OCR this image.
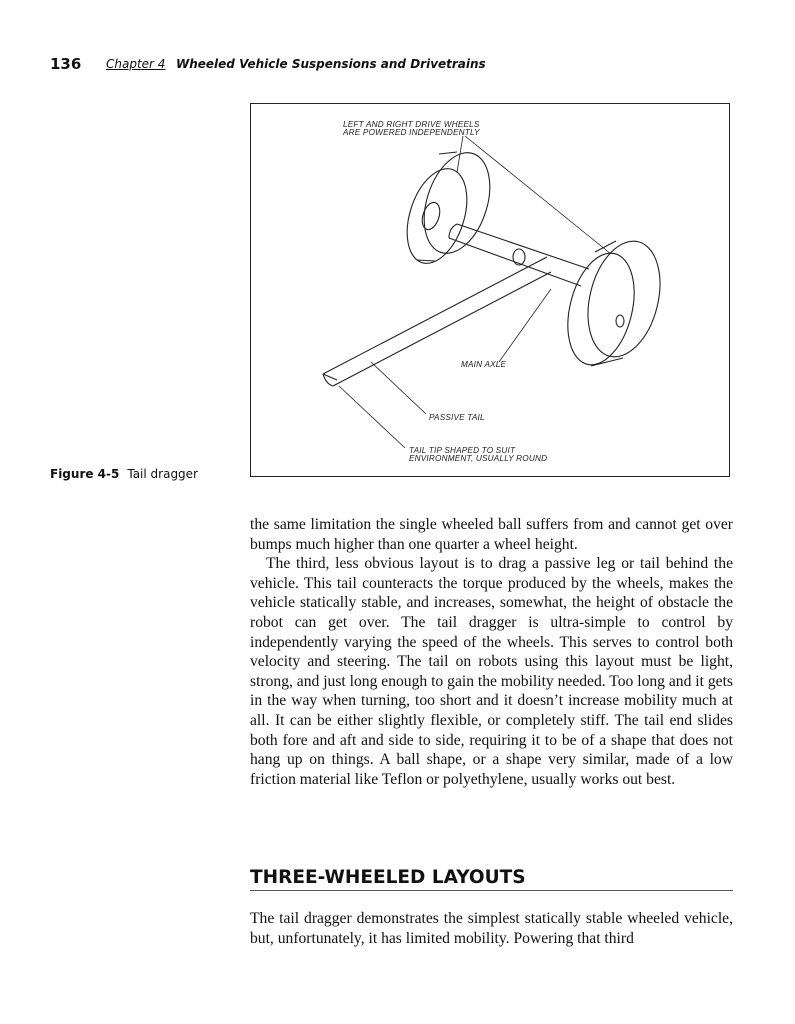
136 Chapter 4 Wheeled Vehicle Suspensions and Drivetrains
LEFT AND RIGHT DRIVE WHEELS
ARE POWERED INDEPENDENTLY
MAIN AXLE
PASSIVE TAIL
TAIL TIP SHAPED TO SUIT
ENVIRONMENT, USUALLY ROUND
Figure 4-5 Tail dragger

the same limitation the single wheeled ball suffers from and cannot get over bumps much higher than one quarter a wheel height.

The third, less obvious layout is to drag a passive leg or tail behind the vehicle. This tail counteracts the torque produced by the wheels, makes the vehicle statically stable, and increases, somewhat, the height of obstacle the robot can get over. The tail dragger is ultra-simple to control by independently varying the speed of the wheels. This serves to control both velocity and steering. The tail on robots using this layout must be light, strong, and just long enough to gain the mobility needed. Too long and it gets in the way when turning, too short and it doesn’t increase mobility much at all. It can be either slightly flexible, or completely stiff. The tail end slides both fore and aft and side to side, requiring it to be of a shape that does not hang up on things. A ball shape, or a shape very similar, made of a low friction material like Teflon or polyethylene, usually works out best.

THREE-WHEELED LAYOUTS

The tail dragger demonstrates the simplest statically stable wheeled vehicle, but, unfortunately, it has limited mobility. Powering that third
